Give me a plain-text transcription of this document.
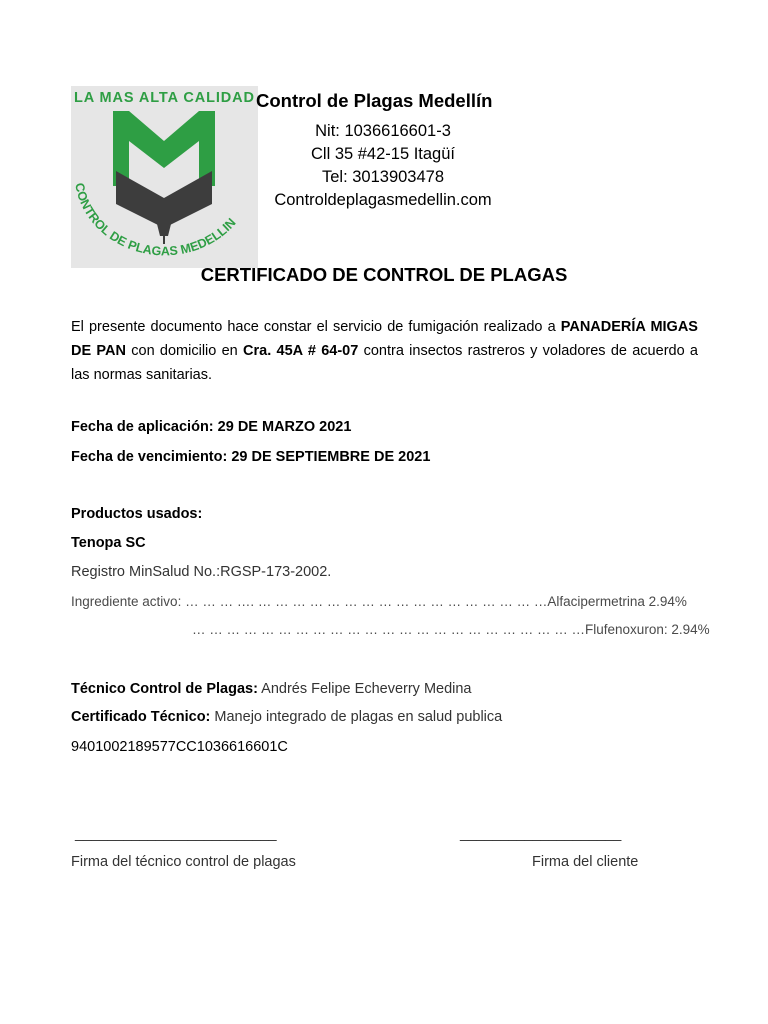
LA MAS ALTA CALIDAD
CONTROL DE PLAGAS MEDELLIN
Control de Plagas Medellín
Nit: 1036616601-3
Cll 35 #42-15 Itagüí
Tel: 3013903478
Controldeplagasmedellin.com
CERTIFICADO DE CONTROL DE PLAGAS
El presente documento hace constar el servicio de fumigación realizado a PANADERÍA MIGAS DE PAN con domicilio en Cra. 45A # 64-07 contra insectos rastreros y voladores de acuerdo a las normas sanitarias.
Fecha de aplicación: 29 DE MARZO 2021
Fecha de vencimiento: 29 DE SEPTIEMBRE DE 2021
Productos usados:
Tenopa SC
Registro MinSalud No.:RGSP-173-2002.
Ingrediente activo: … … … …. … … … … … … … … … … … … … … … … …Alfacipermetrina 2.94%
… … … … … … … … … … … … … … … … … … … … … … …Flufenoxuron: 2.94%
Técnico Control de Plagas: Andrés Felipe Echeverry Medina
Certificado Técnico: Manejo integrado de plagas en salud publica
9401002189577CC1036616601C
_________________________	____________________
Firma del técnico control de plagas	Firma del cliente
